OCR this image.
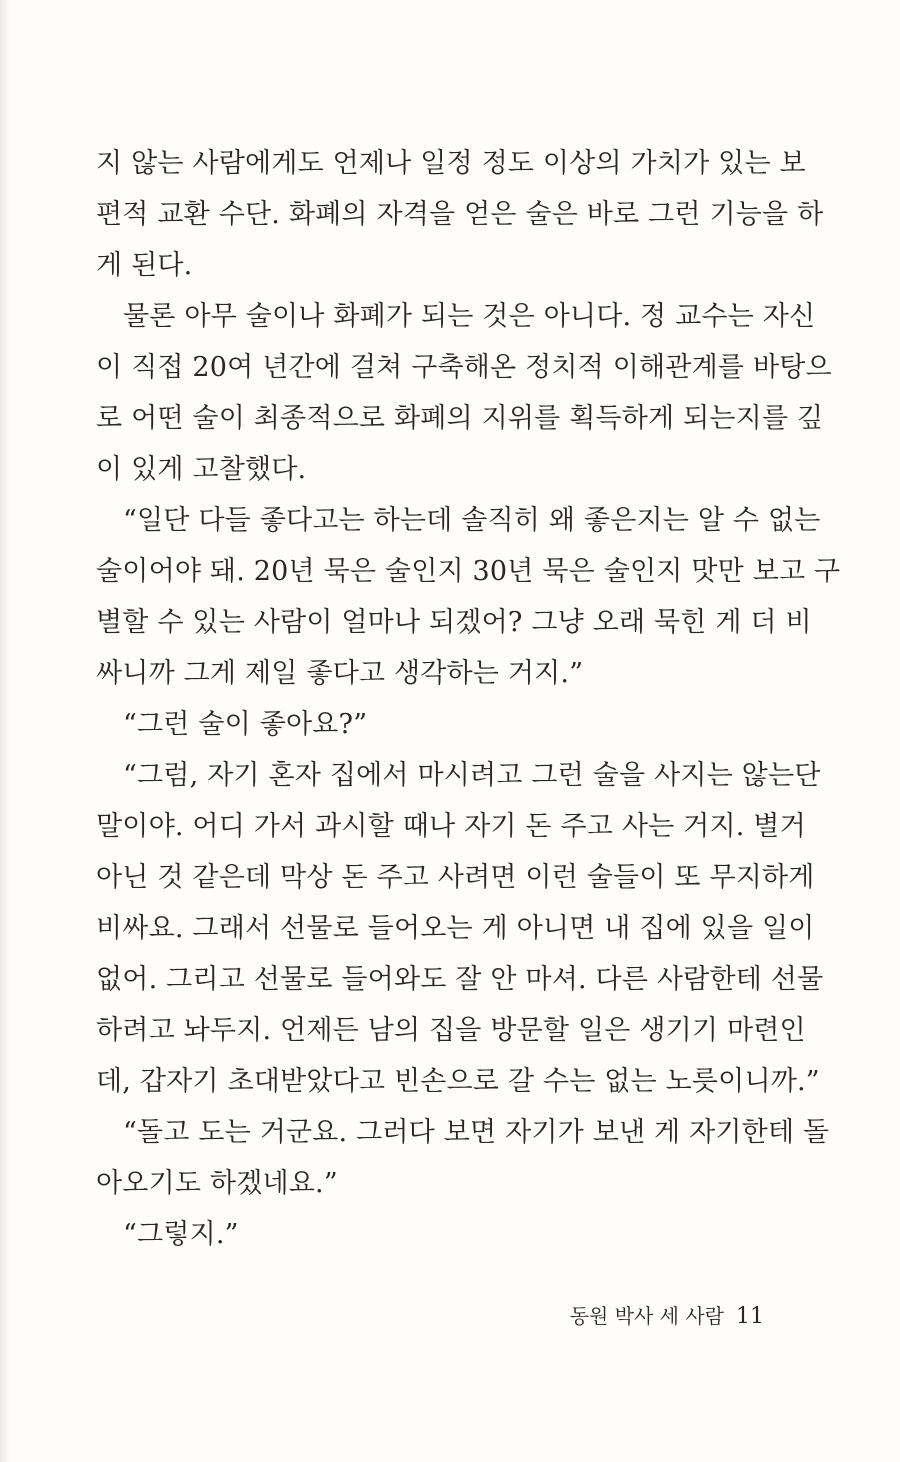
지 않는 사람에게도 언제나 일정 정도 이상의 가치가 있는 보
편적 교환 수단. 화폐의 자격을 얻은 술은 바로 그런 기능을 하
게 된다.
물론 아무 술이나 화폐가 되는 것은 아니다. 정 교수는 자신
이 직접 20여 년간에 걸쳐 구축해온 정치적 이해관계를 바탕으
로 어떤 술이 최종적으로 화폐의 지위를 획득하게 되는지를 깊
이 있게 고찰했다.
“일단 다들 좋다고는 하는데 솔직히 왜 좋은지는 알 수 없는
술이어야 돼. 20년 묵은 술인지 30년 묵은 술인지 맛만 보고 구
별할 수 있는 사람이 얼마나 되겠어? 그냥 오래 묵힌 게 더 비
싸니까 그게 제일 좋다고 생각하는 거지.”
“그런 술이 좋아요?”
“그럼, 자기 혼자 집에서 마시려고 그런 술을 사지는 않는단
말이야. 어디 가서 과시할 때나 자기 돈 주고 사는 거지. 별거
아닌 것 같은데 막상 돈 주고 사려면 이런 술들이 또 무지하게
비싸요. 그래서 선물로 들어오는 게 아니면 내 집에 있을 일이
없어. 그리고 선물로 들어와도 잘 안 마셔. 다른 사람한테 선물
하려고 놔두지. 언제든 남의 집을 방문할 일은 생기기 마련인
데, 갑자기 초대받았다고 빈손으로 갈 수는 없는 노릇이니까.”
“돌고 도는 거군요. 그러다 보면 자기가 보낸 게 자기한테 돌
아오기도 하겠네요.”
“그렇지.”
동원 박사 세 사람 11
